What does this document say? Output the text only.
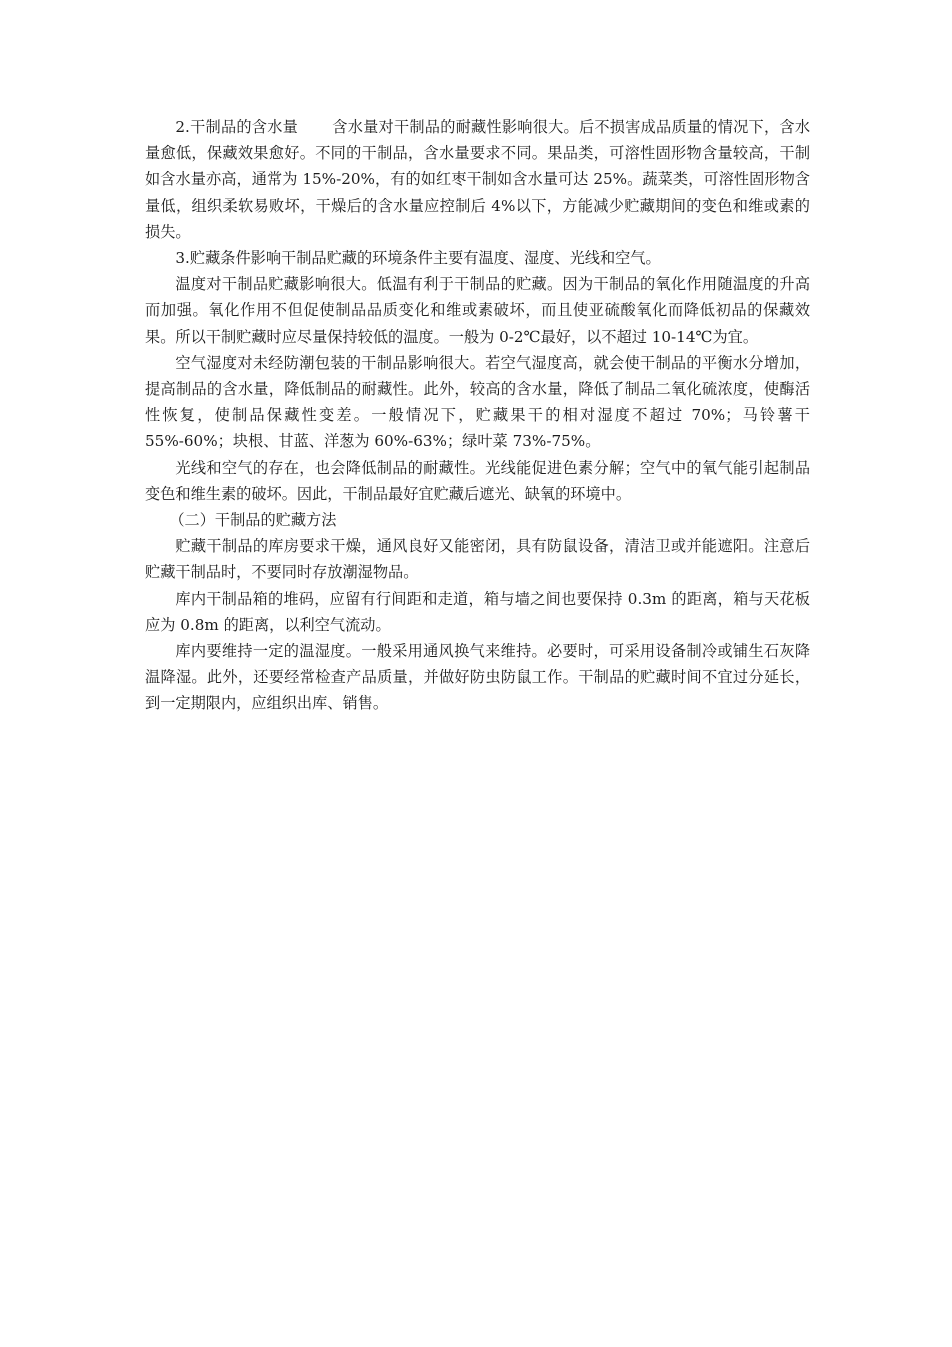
2.干制品的含水量 含水量对干制品的耐藏性影响很大。后不损害成品质量的情况下，含水量愈低，保藏效果愈好。不同的干制品，含水量要求不同。果品类，可溶性固形物含量较高，干制如含水量亦高，通常为 15%-20%，有的如红枣干制如含水量可达 25%。蔬菜类，可溶性固形物含量低，组织柔软易败坏，干燥后的含水量应控制后 4%以下，方能减少贮藏期间的变色和维或素的损失。

3.贮藏条件影响干制品贮藏的环境条件主要有温度、湿度、光线和空气。

温度对干制品贮藏影响很大。低温有利于干制品的贮藏。因为干制品的氧化作用随温度的升高而加强。氧化作用不但促使制品品质变化和维或素破坏，而且使亚硫酸氧化而降低初品的保藏效果。所以干制贮藏时应尽量保持较低的温度。一般为 0-2℃最好，以不超过 10-14℃为宜。

空气湿度对未经防潮包装的干制品影响很大。若空气湿度高，就会使干制品的平衡水分增加，提高制品的含水量，降低制品的耐藏性。此外，较高的含水量，降低了制品二氧化硫浓度，使酶活性恢复，使制品保藏性变差。一般情况下，贮藏果干的相对湿度不超过 70%；马铃薯干 55%-60%；块根、甘蓝、洋葱为 60%-63%；绿叶菜 73%-75%。

光线和空气的存在，也会降低制品的耐藏性。光线能促进色素分解；空气中的氧气能引起制品变色和维生素的破坏。因此，干制品最好宜贮藏后遮光、缺氧的环境中。

（二）干制品的贮藏方法

贮藏干制品的库房要求干燥，通风良好又能密闭，具有防鼠设备，清洁卫或并能遮阳。注意后贮藏干制品时，不要同时存放潮湿物品。

库内干制品箱的堆码，应留有行间距和走道，箱与墙之间也要保持 0.3m 的距离，箱与天花板应为 0.8m 的距离，以利空气流动。

库内要维持一定的温湿度。一般采用通风换气来维持。必要时，可采用设备制冷或铺生石灰降温降湿。此外，还要经常检查产品质量，并做好防虫防鼠工作。干制品的贮藏时间不宜过分延长，到一定期限内，应组织出库、销售。
